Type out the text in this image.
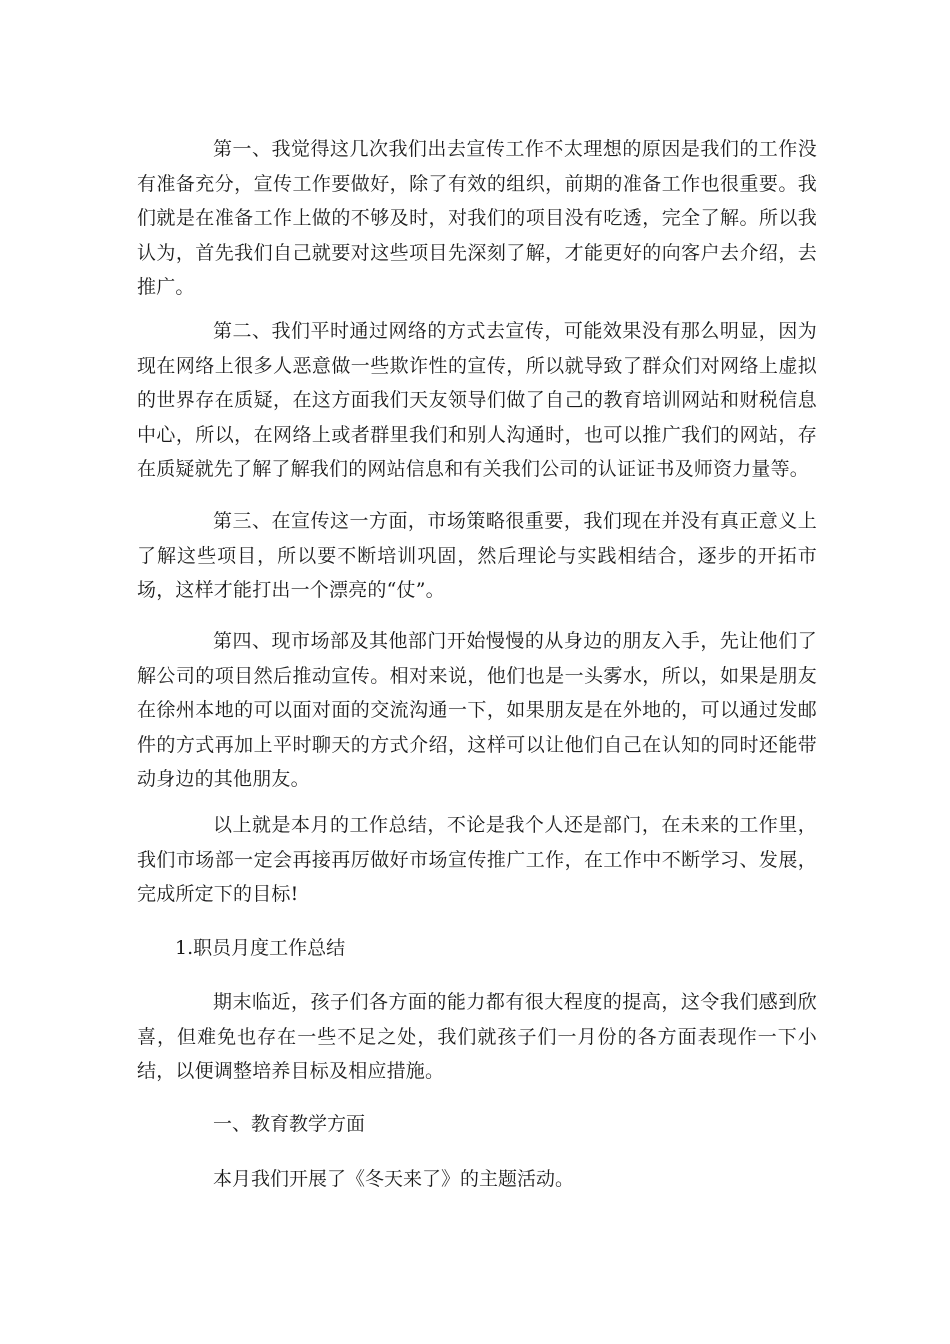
第一、我觉得这几次我们出去宣传工作不太理想的原因是我们的工作没有准备充分，宣传工作要做好，除了有效的组织，前期的准备工作也很重要。我们就是在准备工作上做的不够及时，对我们的项目没有吃透，完全了解。所以我认为，首先我们自己就要对这些项目先深刻了解，才能更好的向客户去介绍，去推广。

第二、我们平时通过网络的方式去宣传，可能效果没有那么明显，因为现在网络上很多人恶意做一些欺诈性的宣传，所以就导致了群众们对网络上虚拟的世界存在质疑，在这方面我们天友领导们做了自己的教育培训网站和财税信息中心，所以，在网络上或者群里我们和别人沟通时，也可以推广我们的网站，存在质疑就先了解了解我们的网站信息和有关我们公司的认证证书及师资力量等。

第三、在宣传这一方面，市场策略很重要，我们现在并没有真正意义上了解这些项目，所以要不断培训巩固，然后理论与实践相结合，逐步的开拓市场，这样才能打出一个漂亮的“仗”。

第四、现市场部及其他部门开始慢慢的从身边的朋友入手，先让他们了解公司的项目然后推动宣传。相对来说，他们也是一头雾水，所以，如果是朋友在徐州本地的可以面对面的交流沟通一下，如果朋友是在外地的，可以通过发邮件的方式再加上平时聊天的方式介绍，这样可以让他们自己在认知的同时还能带动身边的其他朋友。

以上就是本月的工作总结，不论是我个人还是部门，在未来的工作里，我们市场部一定会再接再厉做好市场宣传推广工作，在工作中不断学习、发展，完成所定下的目标!

1.职员月度工作总结

期末临近，孩子们各方面的能力都有很大程度的提高，这令我们感到欣喜，但难免也存在一些不足之处，我们就孩子们一月份的各方面表现作一下小结，以便调整培养目标及相应措施。

一、教育教学方面

本月我们开展了《冬天来了》的主题活动。
